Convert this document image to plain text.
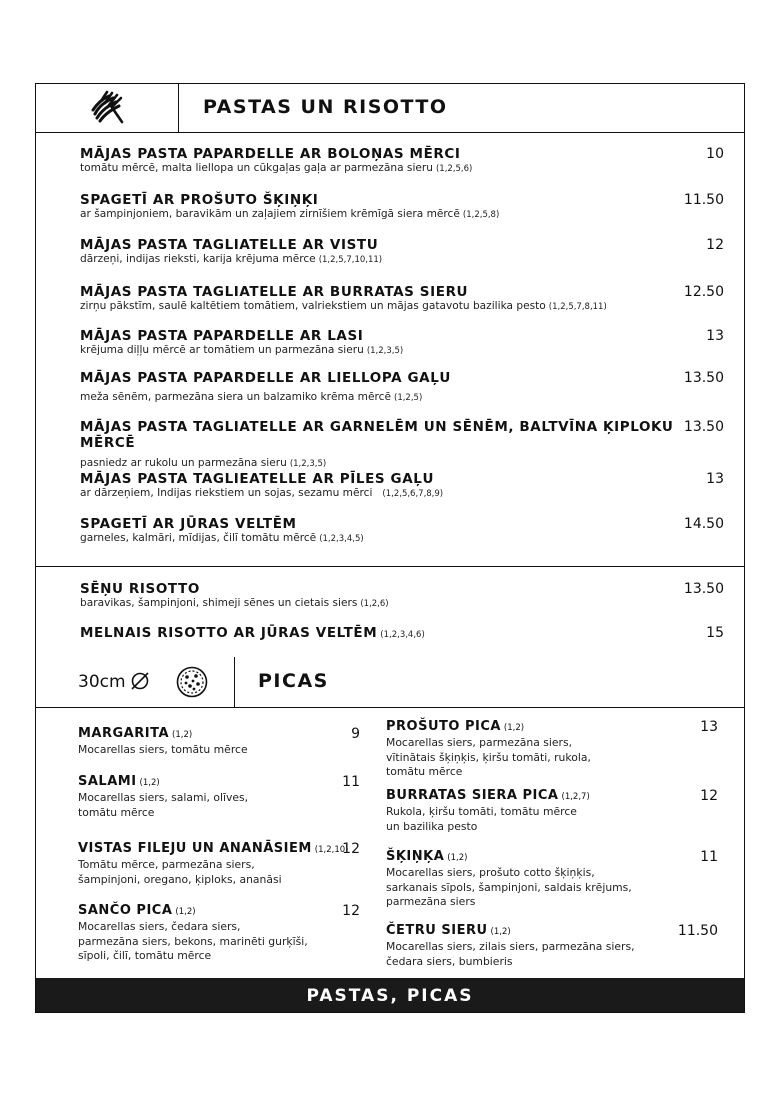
PASTAS UN RISOTTO
MĀJAS PASTA PAPARDELLE AR BOLOŅAS MĒRCI
tomātu mērcē, malta liellopa un cūkgaļas gaļa ar parmezāna sieru (1,2,5,6)
10
SPAGETĪ AR PROŠUTO ŠĶIŅĶI
ar šampinjoniem, baravikām un zaļajiem zirnīšiem krēmīgā siera mērcē (1,2,5,8)
11.50
MĀJAS PASTA TAGLIATELLE AR VISTU
dārzeņi, indijas rieksti, karija krējuma mērce (1,2,5,7,10,11)
12
MĀJAS PASTA TAGLIATELLE AR BURRATAS SIERU
zirņu pākstīm, saulē kaltētiem tomātiem, valriekstiem un mājas gatavotu bazilika pesto (1,2,5,7,8,11)
12.50
MĀJAS PASTA PAPARDELLE AR LASI
krējuma diļļu mērcē ar tomātiem un parmezāna sieru (1,2,3,5)
13
MĀJAS PASTA PAPARDELLE AR LIELLOPA GAĻU
meža sēnēm, parmezāna siera un balzamiko krēma mērcē (1,2,5)
13.50
MĀJAS PASTA TAGLIATELLE AR GARNELĒM UN SĒNĒM, BALTVĪNA ĶIPLOKU MĒRCĒ
pasniedz ar rukolu un parmezāna sieru (1,2,3,5)
13.50
MĀJAS PASTA TAGLIEATELLE AR PĪLES GAĻU
ar dārzeņiem, Indijas riekstiem un sojas, sezamu mērci (1,2,5,6,7,8,9)
13
SPAGETĪ AR JŪRAS VELTĒM
garneles, kalmāri, mīdijas, čilī tomātu mērcē (1,2,3,4,5)
14.50
SĒŅU RISOTTO
baravikas, šampinjoni, shimeji sēnes un cietais siers (1,2,6)
13.50
MELNAIS RISOTTO AR JŪRAS VELTĒM (1,2,3,4,6)	15
30cm	PICAS
MARGARITA (1,2)
Mocarellas siers, tomātu mērce
9
SALAMI (1,2)
Mocarellas siers, salami, olīves,
tomātu mērce
11
VISTAS FILEJU UN ANANĀSIEM (1,2,10)
Tomātu mērce, parmezāna siers,
šampinjoni, oregano, ķiploks, ananāsi
12
SANČO PICA (1,2)
Mocarellas siers, čedara siers,
parmezāna siers, bekons, marinēti gurķīši,
sīpoli, čilī, tomātu mērce
12
PROŠUTO PICA (1,2)
Mocarellas siers, parmezāna siers,
vītinātais šķiņķis, ķiršu tomāti, rukola,
tomātu mērce
13
BURRATAS SIERA PICA (1,2,7)
Rukola, ķiršu tomāti, tomātu mērce
un bazilika pesto
12
ŠĶIŅĶA (1,2)
Mocarellas siers, prošuto cotto šķiņķis,
sarkanais sīpols, šampinjoni, saldais krējums,
parmezāna siers
11
ČETRU SIERU (1,2)
Mocarellas siers, zilais siers, parmezāna siers,
čedara siers, bumbieris
11.50
PASTAS, PICAS
